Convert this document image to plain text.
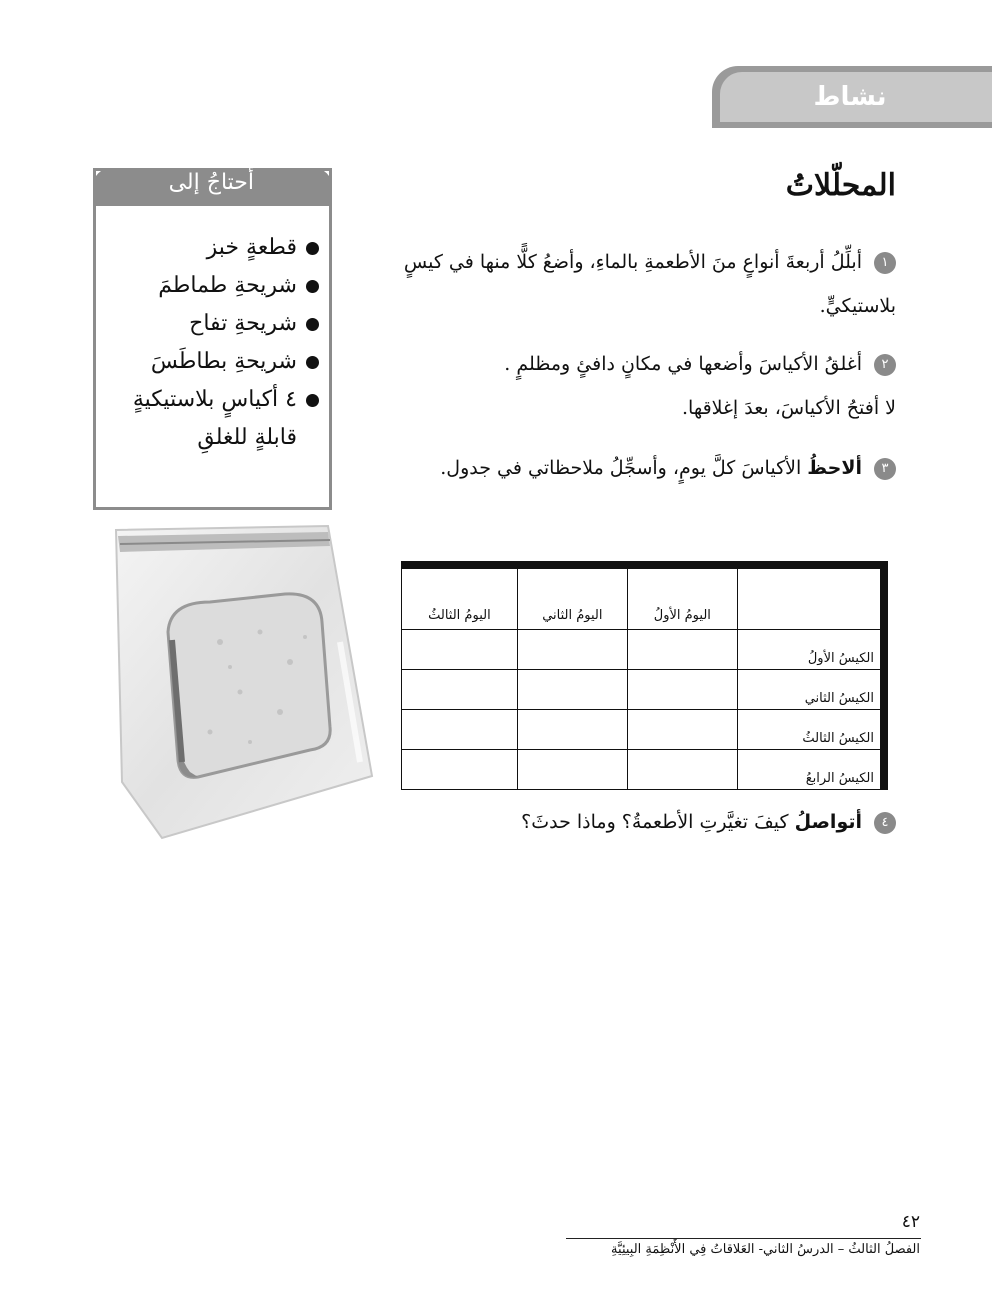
نشاط
المحلّلاتُ
أحتاجُ إلى
قطعةٍ خبز
شريحةِ طماطمَ
شريحةِ تفاح
شريحةِ بطاطَسَ
٤ أكياسٍ بلاستيكيةٍ قابلةٍ للغلقِ
١أبلِّلُ أربعةَ أنواعٍ منَ الأطعمةِ بالماءِ، وأضعُ كلًّا منها في كيسٍ
بلاستيكيٍّ.
٢أغلقُ الأكياسَ وأضعها في مكانٍ دافئٍ ومظلمٍ .
لا أفتحُ الأكياسَ، بعدَ إغلاقها.
٣ألاحظُ الأكياسَ كلَّ يومٍ، وأسجِّلُ ملاحظاتي في جدول.
٤أتواصلُ كيفَ تغيَّرتِ الأطعمةُ؟ وماذا حدثَ؟
	اليومُ الأولُ	اليومُ الثاني	اليومُ الثالثُ
الكيسُ الأولُ			
الكيسُ الثاني			
الكيسُ الثالثُ			
الكيسُ الرابعُ			
٤٢
الفصلُ الثالثُ – الدرسُ الثاني- العَلاقاتُ فِي الأَنْظِمَةِ البِيئِيَّةِ
